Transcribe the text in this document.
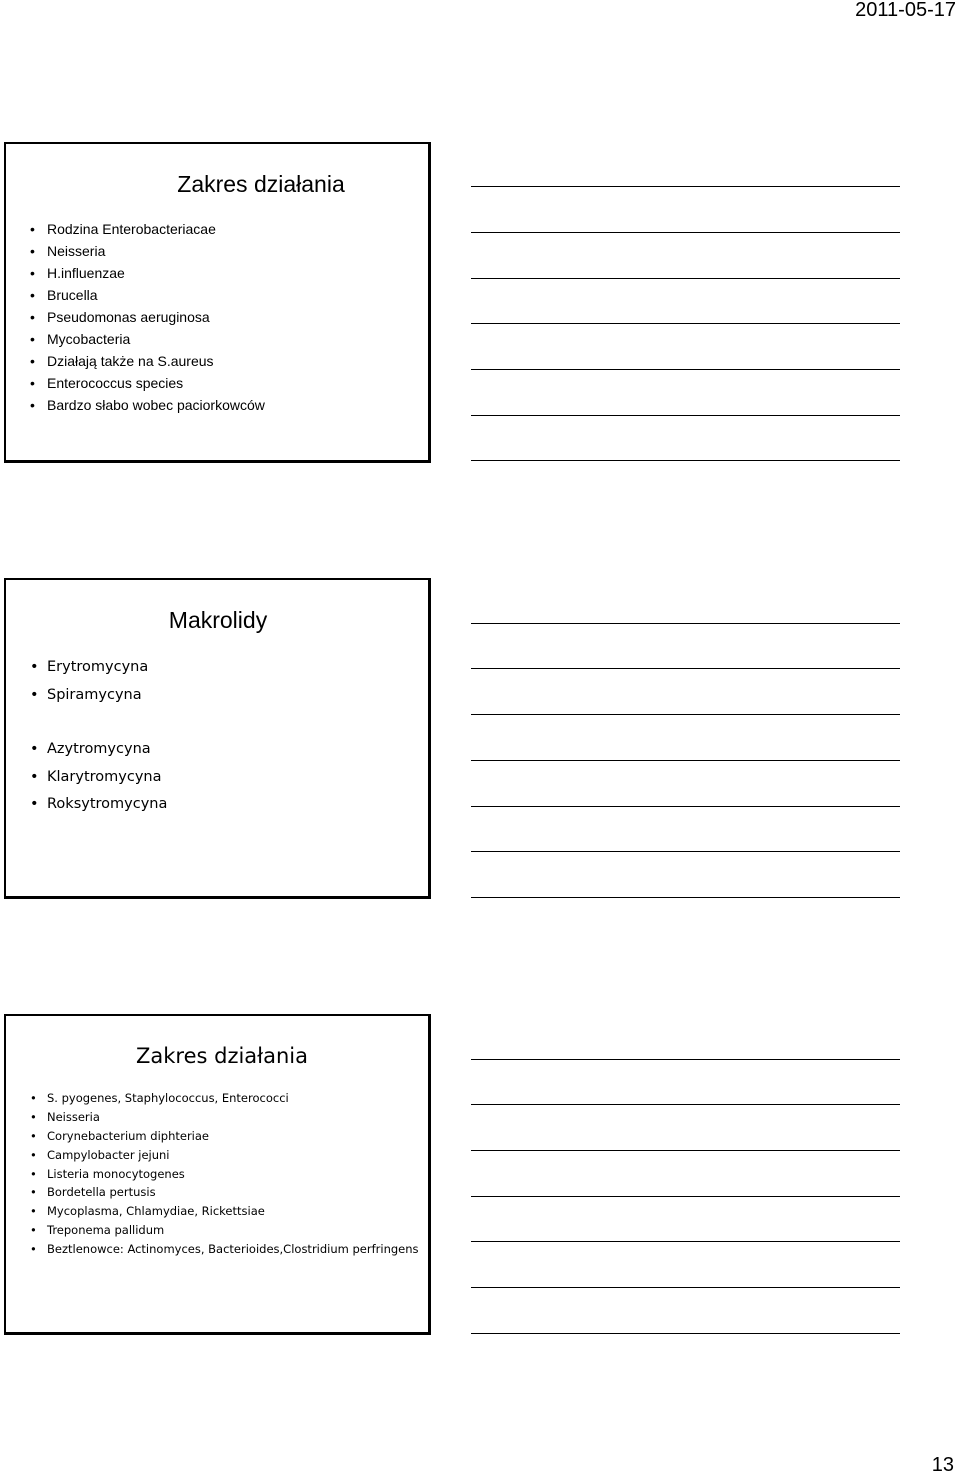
2011-05-17
Zakres działania
• Rodzina Enterobacteriacae
• Neisseria
• H.influenzae
• Brucella
• Pseudomonas aeruginosa
• Mycobacteria
• Działają także na S.aureus
• Enterococcus species
• Bardzo słabo wobec paciorkowców
Makrolidy
• Erytromycyna
• Spiramycyna
• Azytromycyna
• Klarytromycyna
• Roksytromycyna
Zakres działania
• S. pyogenes, Staphylococcus, Enterococci
• Neisseria
• Corynebacterium diphteriae
• Campylobacter jejuni
• Listeria monocytogenes
• Bordetella pertusis
• Mycoplasma, Chlamydiae, Rickettsiae
• Treponema pallidum
• Beztlenowce: Actinomyces, Bacterioides,Clostridium perfringens
13
